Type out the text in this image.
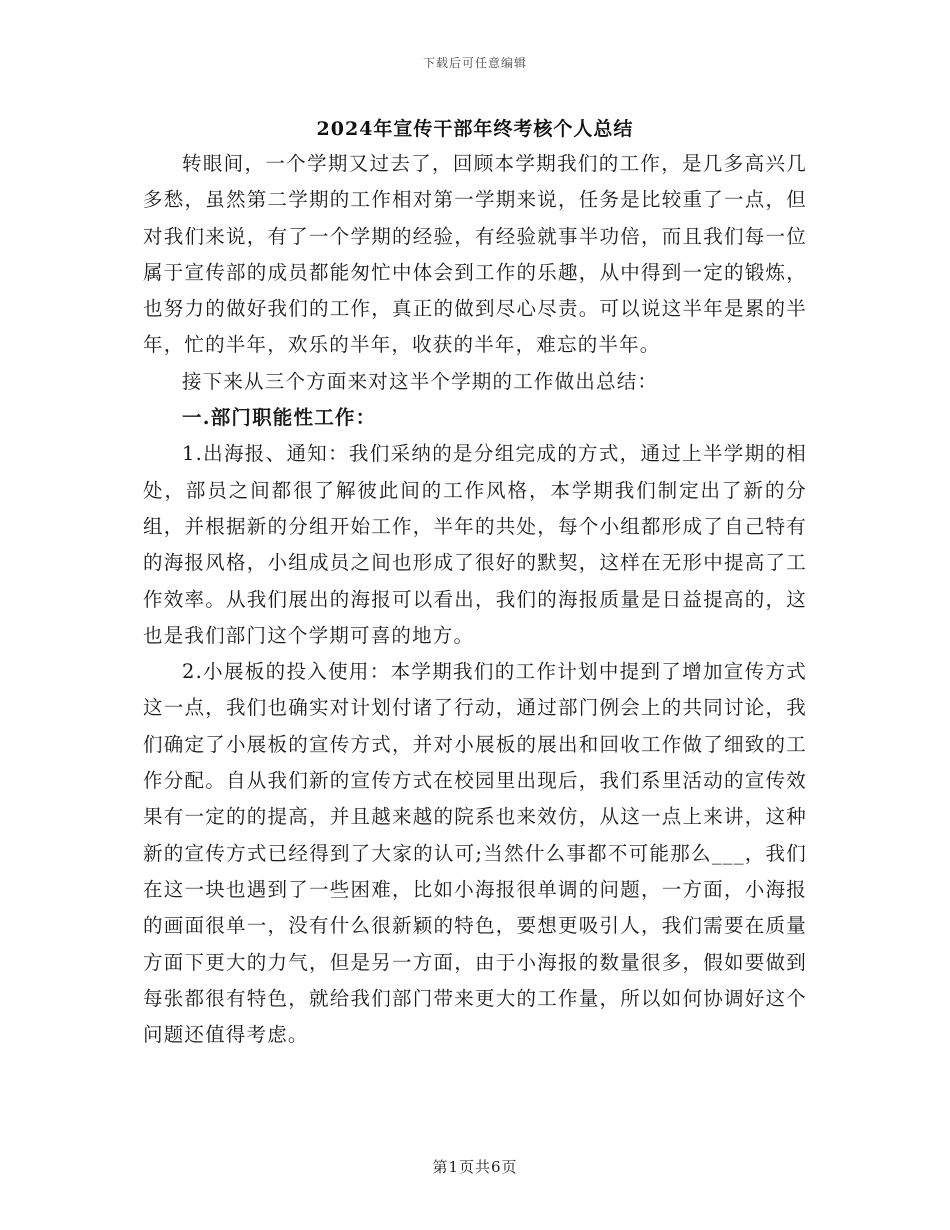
下载后可任意编辑
2024年宣传干部年终考核个人总结

转眼间，一个学期又过去了，回顾本学期我们的工作，是几多高兴几多愁，虽然第二学期的工作相对第一学期来说，任务是比较重了一点，但对我们来说，有了一个学期的经验，有经验就事半功倍，而且我们每一位属于宣传部的成员都能匆忙中体会到工作的乐趣，从中得到一定的锻炼，也努力的做好我们的工作，真正的做到尽心尽责。可以说这半年是累的半年，忙的半年，欢乐的半年，收获的半年，难忘的半年。

接下来从三个方面来对这半个学期的工作做出总结：

一.部门职能性工作：

1.出海报、通知：我们采纳的是分组完成的方式，通过上半学期的相处，部员之间都很了解彼此间的工作风格，本学期我们制定出了新的分组，并根据新的分组开始工作，半年的共处，每个小组都形成了自己特有的海报风格，小组成员之间也形成了很好的默契，这样在无形中提高了工作效率。从我们展出的海报可以看出，我们的海报质量是日益提高的，这也是我们部门这个学期可喜的地方。

2.小展板的投入使用：本学期我们的工作计划中提到了增加宣传方式这一点，我们也确实对计划付诸了行动，通过部门例会上的共同讨论，我们确定了小展板的宣传方式，并对小展板的展出和回收工作做了细致的工作分配。自从我们新的宣传方式在校园里出现后，我们系里活动的宣传效果有一定的的提高，并且越来越的院系也来效仿，从这一点上来讲，这种新的宣传方式已经得到了大家的认可;当然什么事都不可能那么___，我们在这一块也遇到了一些困难，比如小海报很单调的问题，一方面，小海报的画面很单一，没有什么很新颖的特色，要想更吸引人，我们需要在质量方面下更大的力气，但是另一方面，由于小海报的数量很多，假如要做到每张都很有特色，就给我们部门带来更大的工作量，所以如何协调好这个问题还值得考虑。

第1页共6页
